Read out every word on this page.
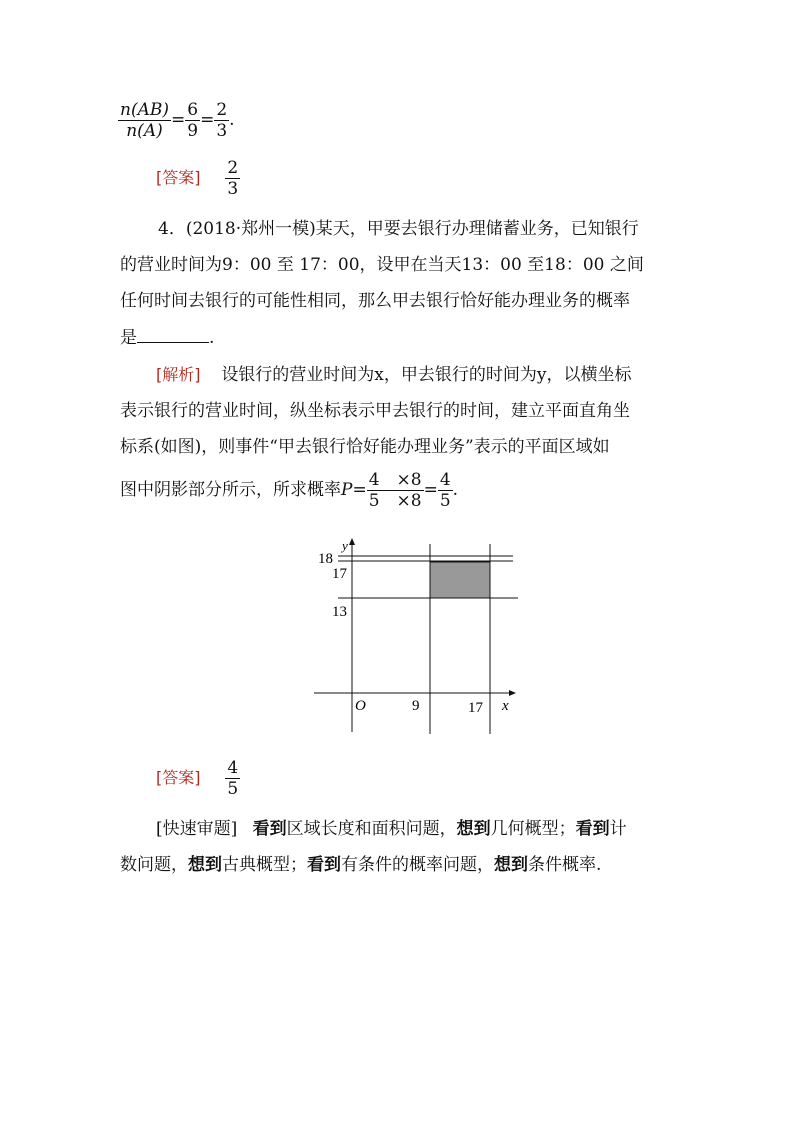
$\frac{n(AB)}{n(A)} = \frac{6}{9} = \frac{2}{3}$ .
[答案] $\frac{2}{3}$
4．(2018·郑州一模)某天，甲要去银行办理储蓄业务，已知银行
的营业时间为9：00 至 17：00，设甲在当天13：00 至18：00 之间
任何时间去银行的可能性相同，那么甲去银行恰好能办理业务的概率
是	.
[解析] 设银行的营业时间为x，甲去银行的时间为y，以横坐标
表示银行的营业时间，纵坐标表示甲去银行的时间，建立平面直角坐
标系(如图)，则事件“甲去银行恰好能办理业务”表示的平面区域如
图中阴影部分所示，所求概率$P= \frac{4 \times 8}{5 \times 8} = \frac{4}{5}$ .
y
18
17
13
O	9	17 x
[答案] $\frac{4}{5}$
[快速审题] 看到区域长度和面积问题，想到几何概型；看到计
数问题，想到古典概型；看到有条件的概率问题，想到条件概率.
